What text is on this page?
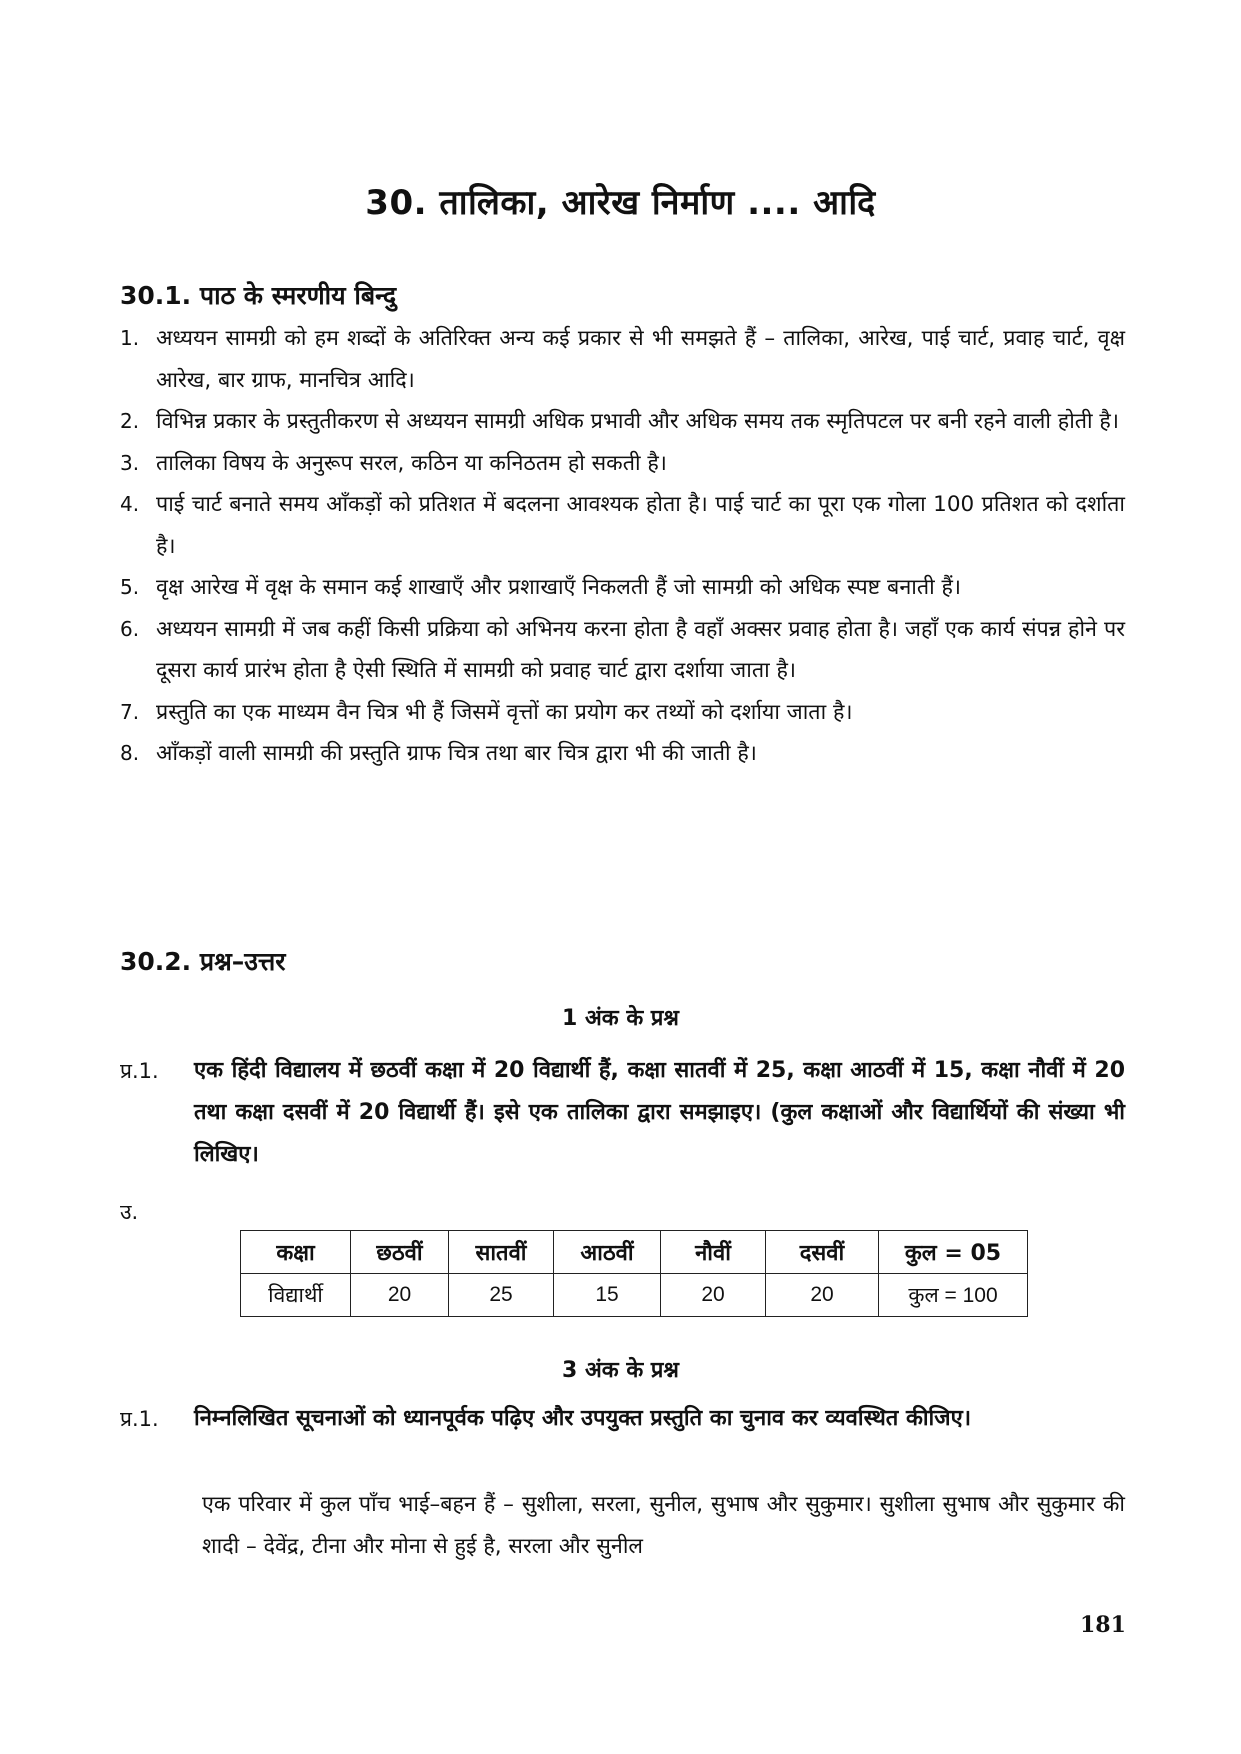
30. तालिका, आरेख निर्माण .... आदि
30.1. पाठ के स्मरणीय बिन्दु
1. अध्ययन सामग्री को हम शब्दों के अतिरिक्त अन्य कई प्रकार से भी समझते हैं – तालिका, आरेख, पाई चार्ट, प्रवाह चार्ट, वृक्ष आरेख, बार ग्राफ, मानचित्र आदि।
2. विभिन्न प्रकार के प्रस्तुतीकरण से अध्ययन सामग्री अधिक प्रभावी और अधिक समय तक स्मृतिपटल पर बनी रहने वाली होती है।
3. तालिका विषय के अनुरूप सरल, कठिन या कनिठतम हो सकती है।
4. पाई चार्ट बनाते समय आँकड़ों को प्रतिशत में बदलना आवश्यक होता है। पाई चार्ट का पूरा एक गोला 100 प्रतिशत को दर्शाता है।
5. वृक्ष आरेख में वृक्ष के समान कई शाखाएँ और प्रशाखाएँ निकलती हैं जो सामग्री को अधिक स्पष्ट बनाती हैं।
6. अध्ययन सामग्री में जब कहीं किसी प्रक्रिया को अभिनय करना होता है वहाँ अक्सर प्रवाह होता है। जहाँ एक कार्य संपन्न होने पर दूसरा कार्य प्रारंभ होता है ऐसी स्थिति में सामग्री को प्रवाह चार्ट द्वारा दर्शाया जाता है।
7. प्रस्तुति का एक माध्यम वैन चित्र भी हैं जिसमें वृत्तों का प्रयोग कर तथ्यों को दर्शाया जाता है।
8. आँकड़ों वाली सामग्री की प्रस्तुति ग्राफ चित्र तथा बार चित्र द्वारा भी की जाती है।
30.2. प्रश्न–उत्तर
1 अंक के प्रश्न
प्र.1. एक हिंदी विद्यालय में छठवीं कक्षा में 20 विद्यार्थी हैं, कक्षा सातवीं में 25, कक्षा आठवीं में 15, कक्षा नौवीं में 20 तथा कक्षा दसवीं में 20 विद्यार्थी हैं। इसे एक तालिका द्वारा समझाइए। (कुल कक्षाओं और विद्यार्थियों की संख्या भी लिखिए।
उ.
कक्षा	छठवीं	सातवीं	आठवीं	नौवीं	दसवीं	कुल = 05
विद्यार्थी	20	25	15	20	20	कुल = 100
3 अंक के प्रश्न
प्र.1. निम्नलिखित सूचनाओं को ध्यानपूर्वक पढ़िए और उपयुक्त प्रस्तुति का चुनाव कर व्यवस्थित कीजिए।
एक परिवार में कुल पाँच भाई–बहन हैं – सुशीला, सरला, सुनील, सुभाष और सुकुमार। सुशीला सुभाष और सुकुमार की शादी – देवेंद्र, टीना और मोना से हुई है, सरला और सुनील
181
